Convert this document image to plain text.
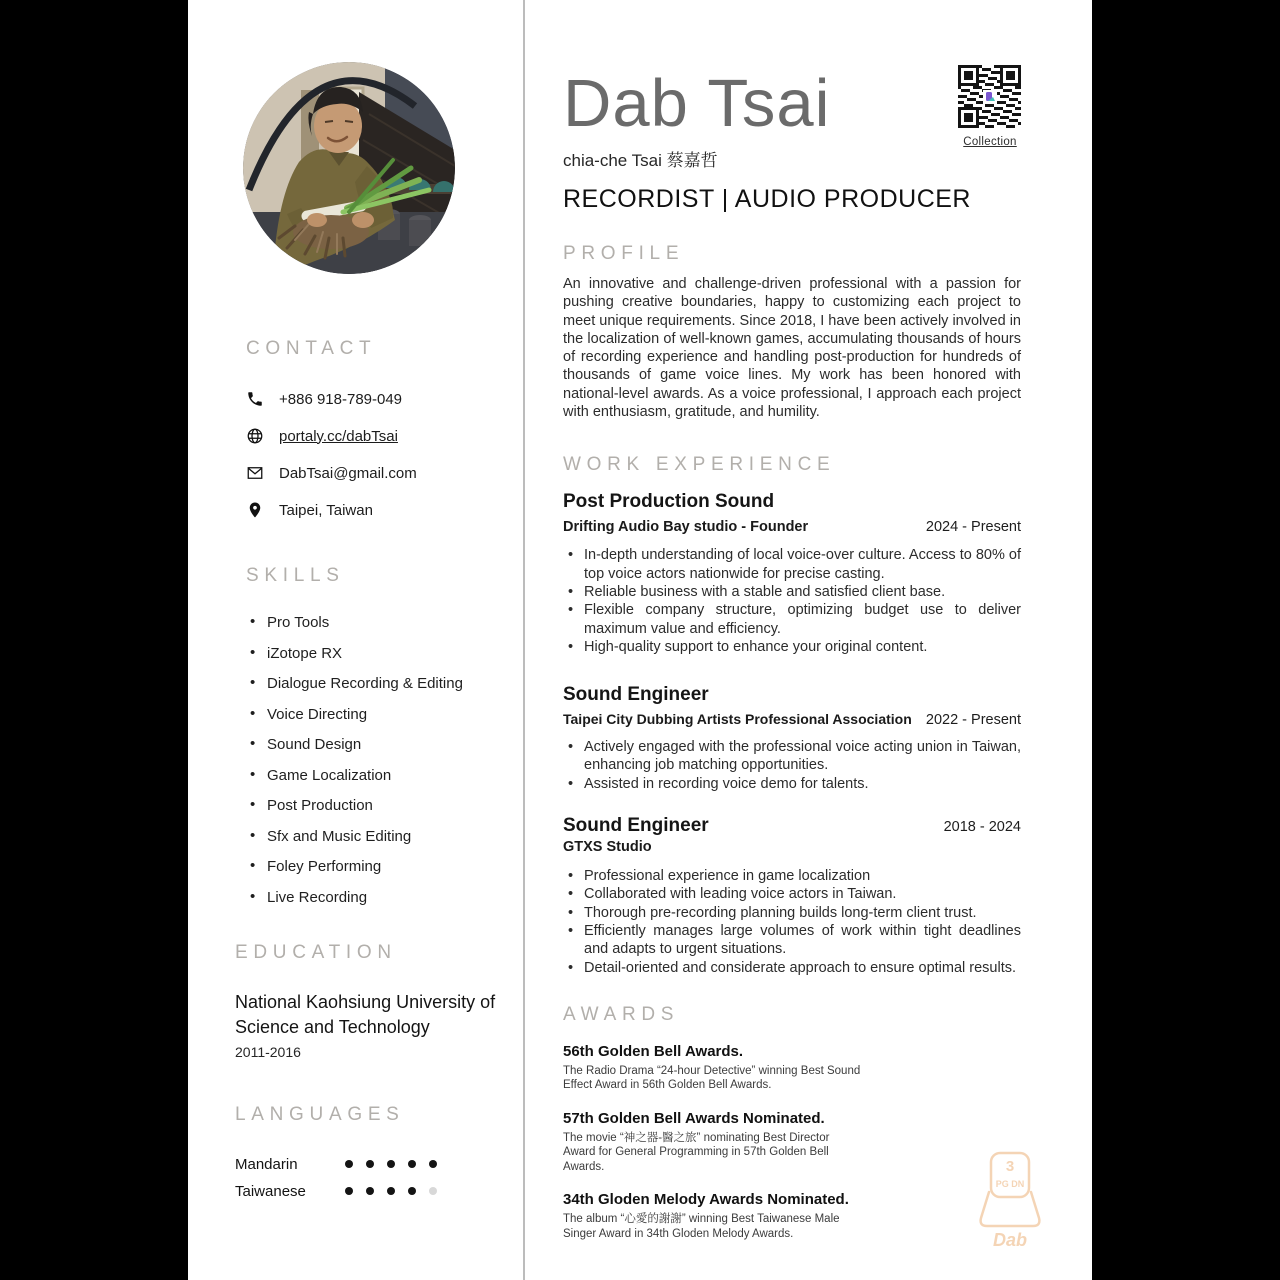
CONTACT
+886 918-789-049
portaly.cc/dabTsai
DabTsai@gmail.com
Taipei, Taiwan
SKILLS
• Pro Tools
• iZotope RX
• Dialogue Recording & Editing
• Voice Directing
• Sound Design
• Game Localization
• Post Production
• Sfx and Music Editing
• Foley Performing
• Live Recording
EDUCATION
National Kaohsiung University of Science and Technology
2011-2016
LANGUAGES
Mandarin
Taiwanese
Dab Tsai
chia-che Tsai 蔡嘉哲
RECORDIST | AUDIO PRODUCER
PROFILE

An innovative and challenge-driven professional with a passion for pushing creative boundaries, happy to customizing each project to meet unique requirements. Since 2018, I have been actively involved in the localization of well-known games, accumulating thousands of hours of recording experience and handling post-production for hundreds of thousands of game voice lines. My work has been honored with national-level awards. As a voice professional, I approach each project with enthusiasm, gratitude, and humility.

WORK EXPERIENCE
Post Production Sound
Drifting Audio Bay studio - Founder	2024 - Present
• In-depth understanding of local voice-over culture. Access to 80% of top voice actors nationwide for precise casting.
• Reliable business with a stable and satisfied client base.
• Flexible company structure, optimizing budget use to deliver maximum value and efficiency.
• High-quality support to enhance your original content.
Sound Engineer
Taipei City Dubbing Artists Professional Association 2022 - Present
• Actively engaged with the professional voice acting union in Taiwan, enhancing job matching opportunities.
• Assisted in recording voice demo for talents.
Sound Engineer	2018 - 2024
GTXS Studio
• Professional experience in game localization
• Collaborated with leading voice actors in Taiwan.
• Thorough pre-recording planning builds long-term client trust.
• Efficiently manages large volumes of work within tight deadlines and adapts to urgent situations.
• Detail-oriented and considerate approach to ensure optimal results.
AWARDS
56th Golden Bell Awards.
The Radio Drama “24-hour Detective” winning Best Sound Effect Award in 56th Golden Bell Awards.
57th Golden Bell Awards Nominated.
The movie “神之器-醫之旅” nominating Best Director Award for General Programming in 57th Golden Bell Awards.
34th Gloden Melody Awards Nominated.
The album “心愛的謝謝” winning Best Taiwanese Male Singer Award in 34th Gloden Melody Awards.
Collection
3
PG DN
Dab
